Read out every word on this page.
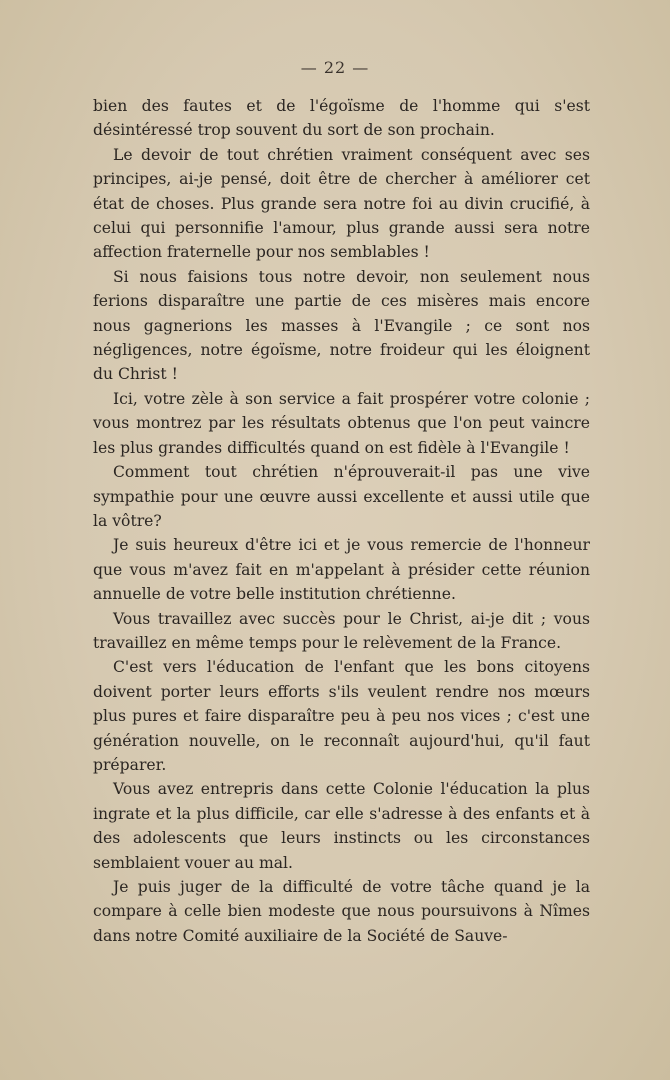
— 22 —

bien des fautes et de l'égoïsme de l'homme qui s'est désintéressé trop souvent du sort de son prochain.

Le devoir de tout chrétien vraiment conséquent avec ses principes, ai-je pensé, doit être de chercher à améliorer cet état de choses. Plus grande sera notre foi au divin crucifié, à celui qui personnifie l'amour, plus grande aussi sera notre affection fraternelle pour nos semblables !

Si nous faisions tous notre devoir, non seulement nous ferions disparaître une partie de ces misères mais encore nous gagnerions les masses à l'Evangile ; ce sont nos négligences, notre égoïsme, notre froideur qui les éloignent du Christ !

Ici, votre zèle à son service a fait prospérer votre colonie ; vous montrez par les résultats obtenus que l'on peut vaincre les plus grandes difficultés quand on est fidèle à l'Evangile !

Comment tout chrétien n'éprouverait-il pas une vive sympathie pour une œuvre aussi excellente et aussi utile que la vôtre?

Je suis heureux d'être ici et je vous remercie de l'honneur que vous m'avez fait en m'appelant à présider cette réunion annuelle de votre belle institution chrétienne.

Vous travaillez avec succès pour le Christ, ai-je dit ; vous travaillez en même temps pour le relèvement de la France.

C'est vers l'éducation de l'enfant que les bons citoyens doivent porter leurs efforts s'ils veulent rendre nos mœurs plus pures et faire disparaître peu à peu nos vices ; c'est une génération nouvelle, on le reconnaît aujourd'hui, qu'il faut préparer.

Vous avez entrepris dans cette Colonie l'éducation la plus ingrate et la plus difficile, car elle s'adresse à des enfants et à des adolescents que leurs instincts ou les circonstances semblaient vouer au mal.

Je puis juger de la difficulté de votre tâche quand je la compare à celle bien modeste que nous poursuivons à Nîmes dans notre Comité auxiliaire de la Société de Sauve-
